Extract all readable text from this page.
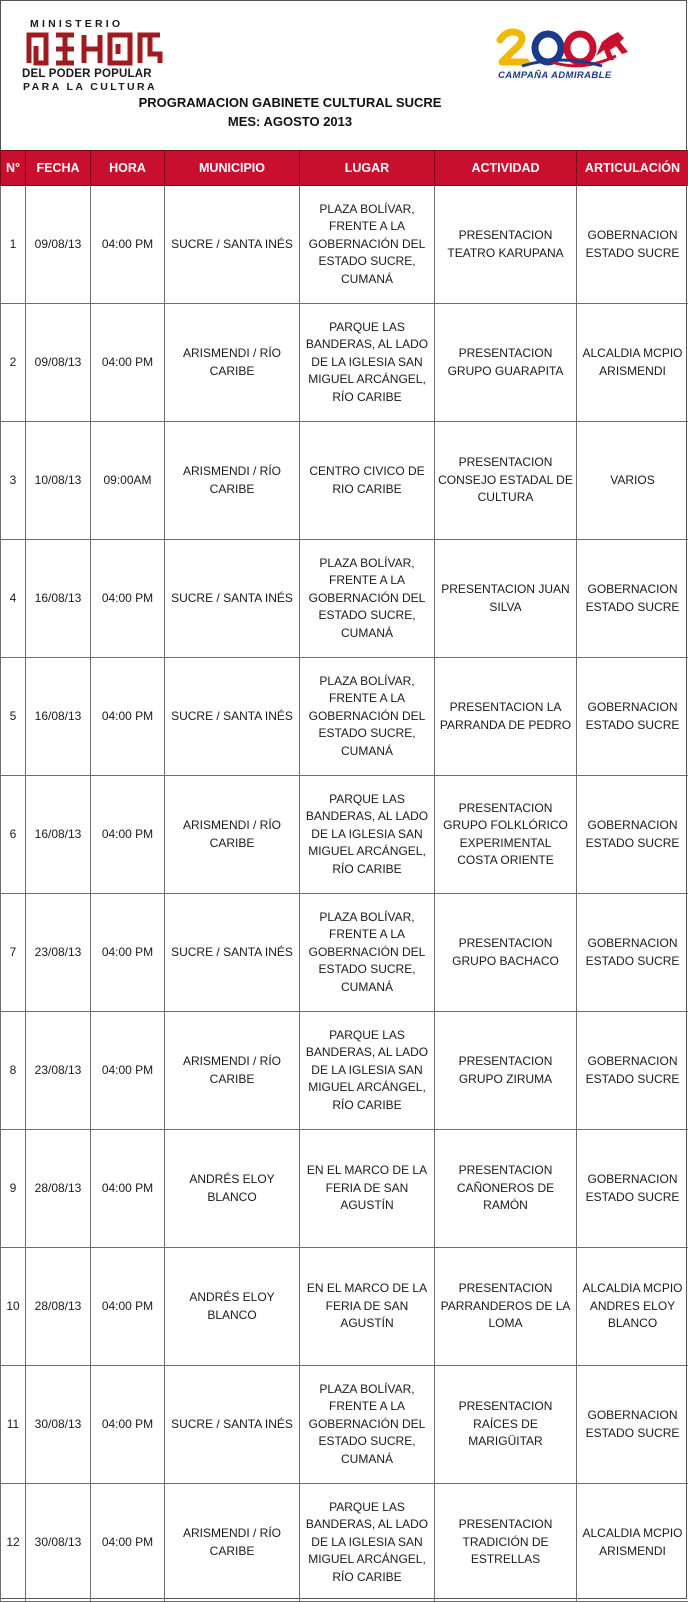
MINISTERIO
DEL PODER POPULAR
PARA LA CULTURA
CAMPAÑA ADMIRABLE
PROGRAMACION GABINETE CULTURAL SUCRE
MES: AGOSTO 2013
N°	FECHA	HORA	MUNICIPIO	LUGAR	ACTIVIDAD	ARTICULACIÓN
1	09/08/13	04:00 PM	SUCRE / SANTA INÉS	PLAZA BOLÍVAR, FRENTE A LA GOBERNACIÓN DEL ESTADO SUCRE, CUMANÁ	PRESENTACION TEATRO KARUPANA	GOBERNACION ESTADO SUCRE
2	09/08/13	04:00 PM	ARISMENDI / RÍO CARIBE	PARQUE LAS BANDERAS, AL LADO DE LA IGLESIA SAN MIGUEL ARCÁNGEL, RÍO CARIBE	PRESENTACION GRUPO GUARAPITA	ALCALDIA MCPIO ARISMENDI
3	10/08/13	09:00AM	ARISMENDI / RÍO CARIBE	CENTRO CIVICO DE RIO CARIBE	PRESENTACION CONSEJO ESTADAL DE CULTURA	VARIOS
4	16/08/13	04:00 PM	SUCRE / SANTA INÉS	PLAZA BOLÍVAR, FRENTE A LA GOBERNACIÓN DEL ESTADO SUCRE, CUMANÁ	PRESENTACION JUAN SILVA	GOBERNACION ESTADO SUCRE
5	16/08/13	04:00 PM	SUCRE / SANTA INÉS	PLAZA BOLÍVAR, FRENTE A LA GOBERNACIÓN DEL ESTADO SUCRE, CUMANÁ	PRESENTACION LA PARRANDA DE PEDRO	GOBERNACION ESTADO SUCRE
6	16/08/13	04:00 PM	ARISMENDI / RÍO CARIBE	PARQUE LAS BANDERAS, AL LADO DE LA IGLESIA SAN MIGUEL ARCÁNGEL, RÍO CARIBE	PRESENTACION GRUPO FOLKLÓRICO EXPERIMENTAL COSTA ORIENTE	GOBERNACION ESTADO SUCRE
7	23/08/13	04:00 PM	SUCRE / SANTA INÉS	PLAZA BOLÍVAR, FRENTE A LA GOBERNACIÓN DEL ESTADO SUCRE, CUMANÁ	PRESENTACION GRUPO BACHACO	GOBERNACION ESTADO SUCRE
8	23/08/13	04:00 PM	ARISMENDI / RÍO CARIBE	PARQUE LAS BANDERAS, AL LADO DE LA IGLESIA SAN MIGUEL ARCÁNGEL, RÍO CARIBE	PRESENTACION GRUPO ZIRUMA	GOBERNACION ESTADO SUCRE
9	28/08/13	04:00 PM	ANDRÉS ELOY BLANCO	EN EL MARCO DE LA FERIA DE SAN AGUSTÍN	PRESENTACION CAÑONEROS DE RAMÓN	GOBERNACION ESTADO SUCRE
10	28/08/13	04:00 PM	ANDRÉS ELOY BLANCO	EN EL MARCO DE LA FERIA DE SAN AGUSTÍN	PRESENTACION PARRANDEROS DE LA LOMA	ALCALDIA MCPIO ANDRES ELOY BLANCO
11	30/08/13	04:00 PM	SUCRE / SANTA INÉS	PLAZA BOLÍVAR, FRENTE A LA GOBERNACIÓN DEL ESTADO SUCRE, CUMANÁ	PRESENTACION RAÍCES DE MARIGÜITAR	GOBERNACION ESTADO SUCRE
12	30/08/13	04:00 PM	ARISMENDI / RÍO CARIBE	PARQUE LAS BANDERAS, AL LADO DE LA IGLESIA SAN MIGUEL ARCÁNGEL, RÍO CARIBE	PRESENTACION TRADICIÓN DE ESTRELLAS	ALCALDIA MCPIO ARISMENDI
